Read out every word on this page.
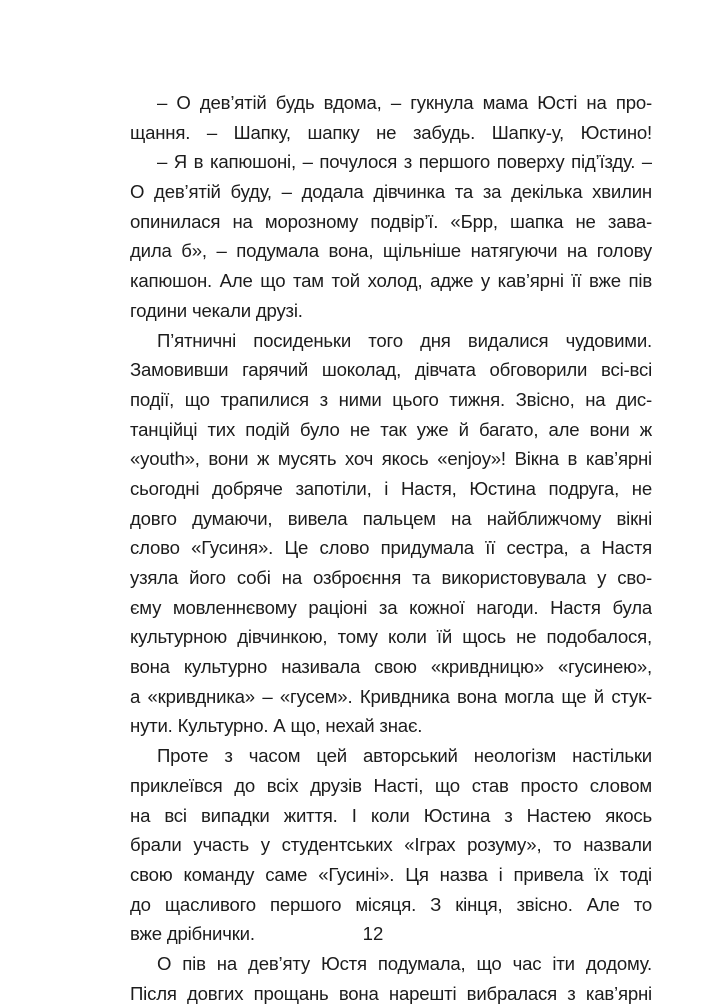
– О дев’ятій будь вдома, – гукнула мама Юсті на про-
щання. – Шапку, шапку не забудь. Шапку-у, Юстино!
– Я в капюшоні, – почулося з першого поверху під’їзду. –
О дев’ятій буду, – додала дівчинка та за декілька хвилин
опинилася на морозному подвір’ї. «Брр, шапка не зава-
дила б», – подумала вона, щільніше натягуючи на голову
капюшон. Але що там той холод, адже у кав’ярні її вже пів
години чекали друзі.
П’ятничні посиденьки того дня видалися чудовими.
Замовивши гарячий шоколад, дівчата обговорили всі-всі
події, що трапилися з ними цього тижня. Звісно, на дис-
танційці тих подій було не так уже й багато, але вони ж
«youth», вони ж мусять хоч якось «enjoy»! Вікна в кав’ярні
сьогодні добряче запотіли, і Настя, Юстина подруга, не
довго думаючи, вивела пальцем на найближчому вікні
слово «Гусиня». Це слово придумала її сестра, а Настя
узяла його собі на озброєння та використовувала у сво-
єму мовленнєвому раціоні за кожної нагоди. Настя була
культурною дівчинкою, тому коли їй щось не подобалося,
вона культурно називала свою «кривдницю» «гусинею»,
а «кривдника» – «гусем». Кривдника вона могла ще й стук-
нути. Культурно. А що, нехай знає.
Проте з часом цей авторський неологізм настільки
приклеївся до всіх друзів Насті, що став просто словом
на всі випадки життя. І коли Юстина з Настею якось
брали участь у студентських «Іграх розуму», то назвали
свою команду саме «Гусині». Ця назва і привела їх тоді
до щасливого першого місяця. З кінця, звісно. Але то
вже дрібнички.
О пів на дев’яту Юстя подумала, що час іти додому.
Після довгих прощань вона нарешті вибралася з кав’ярні
12
